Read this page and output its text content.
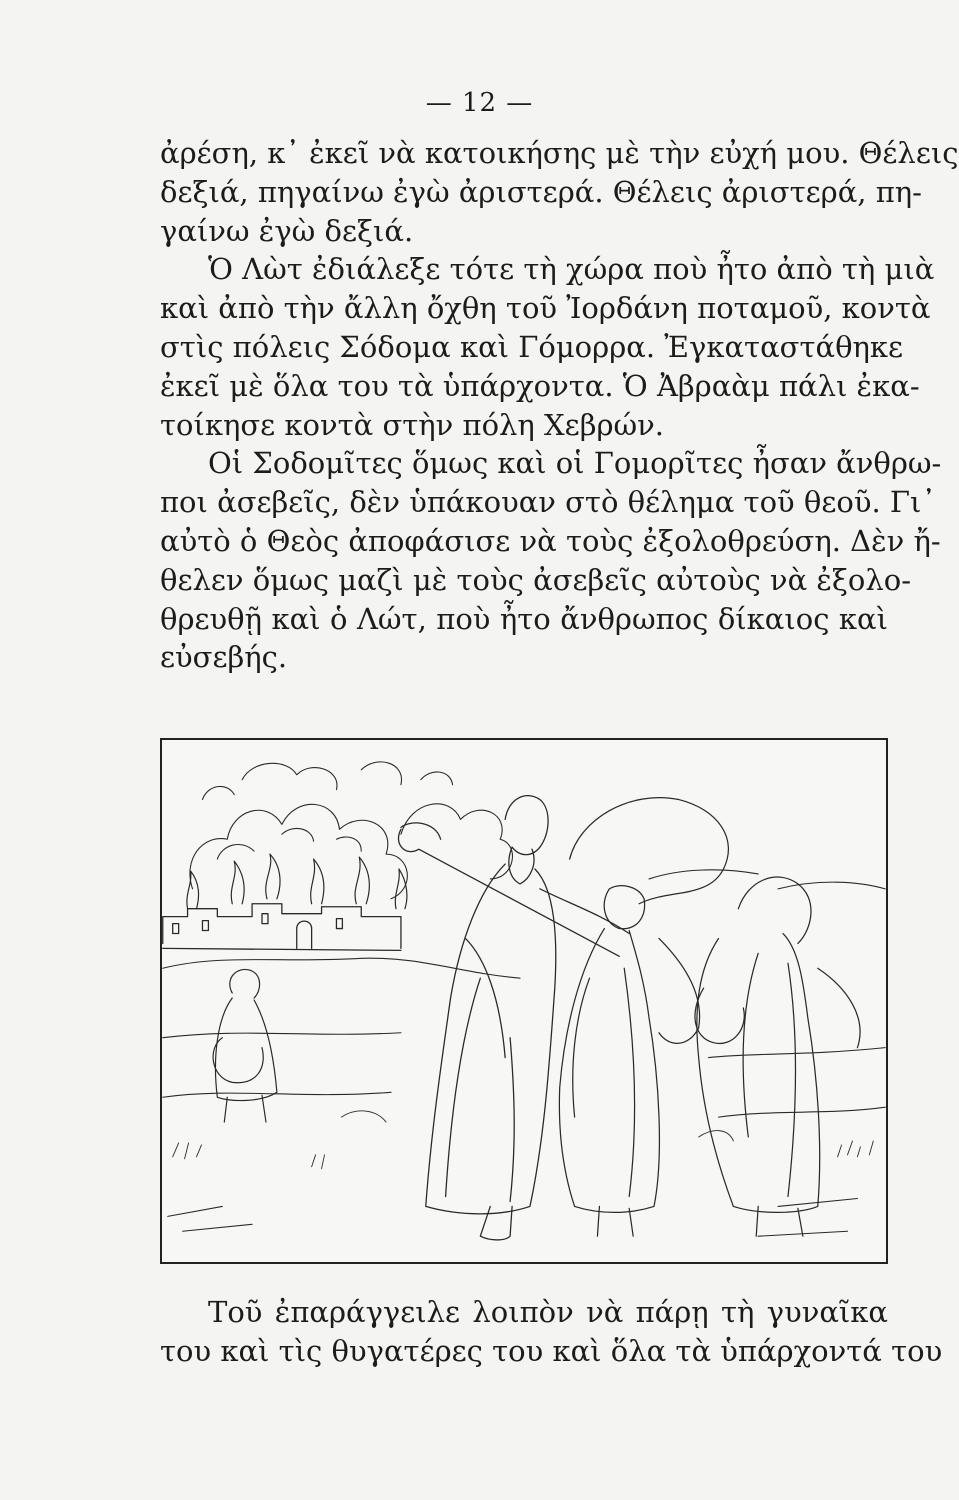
— 12 —
ἀρέση, κ᾿ ἐκεῖ νὰ κατοικήσης μὲ τὴν εὐχή μου. Θέλεις
δεξιά, πηγαίνω ἐγὼ ἀριστερά. Θέλεις ἀριστερά, πη-
γαίνω ἐγὼ δεξιά.
Ὁ Λὼτ ἐδιάλεξε τότε τὴ χώρα ποὺ ἦτο ἀπὸ τὴ μιὰ
καὶ ἀπὸ τὴν ἄλλη ὄχθη τοῦ Ἰορδάνη ποταμοῦ, κοντὰ
στὶς πόλεις Σόδομα καὶ Γόμορρα. Ἐγκαταστάθηκε
ἐκεῖ μὲ ὅλα του τὰ ὑπάρχοντα. Ὁ Ἀβραὰμ πάλι ἐκα-
τοίκησε κοντὰ στὴν πόλη Χεβρών.
Οἱ Σοδομῖτες ὅμως καὶ οἱ Γομορῖτες ἦσαν ἄνθρω-
ποι ἀσεβεῖς, δὲν ὑπάκουαν στὸ θέλημα τοῦ θεοῦ. Γι᾿
αὐτὸ ὁ Θεὸς ἀποφάσισε νὰ τοὺς ἐξολοθρεύση. Δὲν ἤ-
θελεν ὅμως μαζὶ μὲ τοὺς ἀσεβεῖς αὐτοὺς νὰ ἐξολο-
θρευθῇ καὶ ὁ Λώτ, ποὺ ἦτο ἄνθρωπος δίκαιος καὶ
εὐσεβής.
Τοῦ ἐπαράγγειλε λοιπὸν νὰ πάρῃ τὴ γυναῖκα
του καὶ τὶς θυγατέρες του καὶ ὅλα τὰ ὑπάρχοντά του
